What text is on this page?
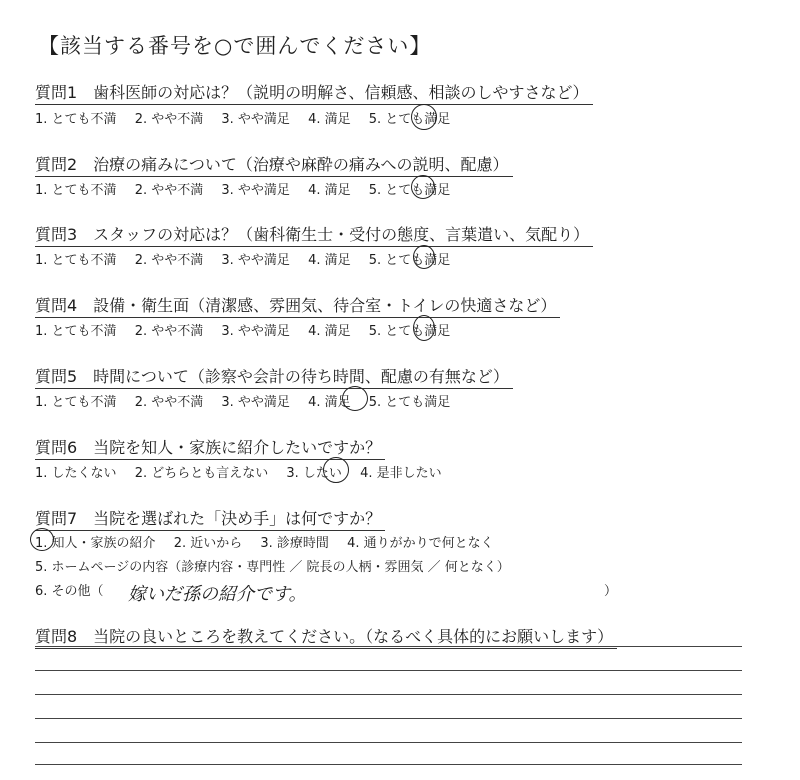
【該当する番号を○で囲んでください】
質問1　歯科医師の対応は？（説明の明解さ、信頼感、相談のしやすさなど）
1. とても不満 2. やや不満 3. やや満足 4. 満足 5. とても満足
質問2　治療の痛みについて（治療や麻酔の痛みへの説明、配慮）
1. とても不満 2. やや不満 3. やや満足 4. 満足 5. とても満足
質問3　スタッフの対応は？（歯科衛生士・受付の態度、言葉遣い、気配り）
1. とても不満 2. やや不満 3. やや満足 4. 満足 5. とても満足
質問4　設備・衛生面（清潔感、雰囲気、待合室・トイレの快適さなど）
1. とても不満 2. やや不満 3. やや満足 4. 満足 5. とても満足
質問5　時間について（診察や会計の待ち時間、配慮の有無など）
1. とても不満 2. やや不満 3. やや満足 4. 満足 5. とても満足
質問6　当院を知人・家族に紹介したいですか？
1. したくない 2. どちらとも言えない 3. したい 4. 是非したい
質問7　当院を選ばれた「決め手」は何ですか？
1. 知人・家族の紹介 2. 近いから 3. 診療時間 4. 通りがかりで何となく
5. ホームページの内容（診療内容・専門性 ／ 院長の人柄・雰囲気 ／ 何となく）
6. その他（ 嫁いだ孫の紹介です。	）
質問8　当院の良いところを教えてください。（なるべく具体的にお願いします）
